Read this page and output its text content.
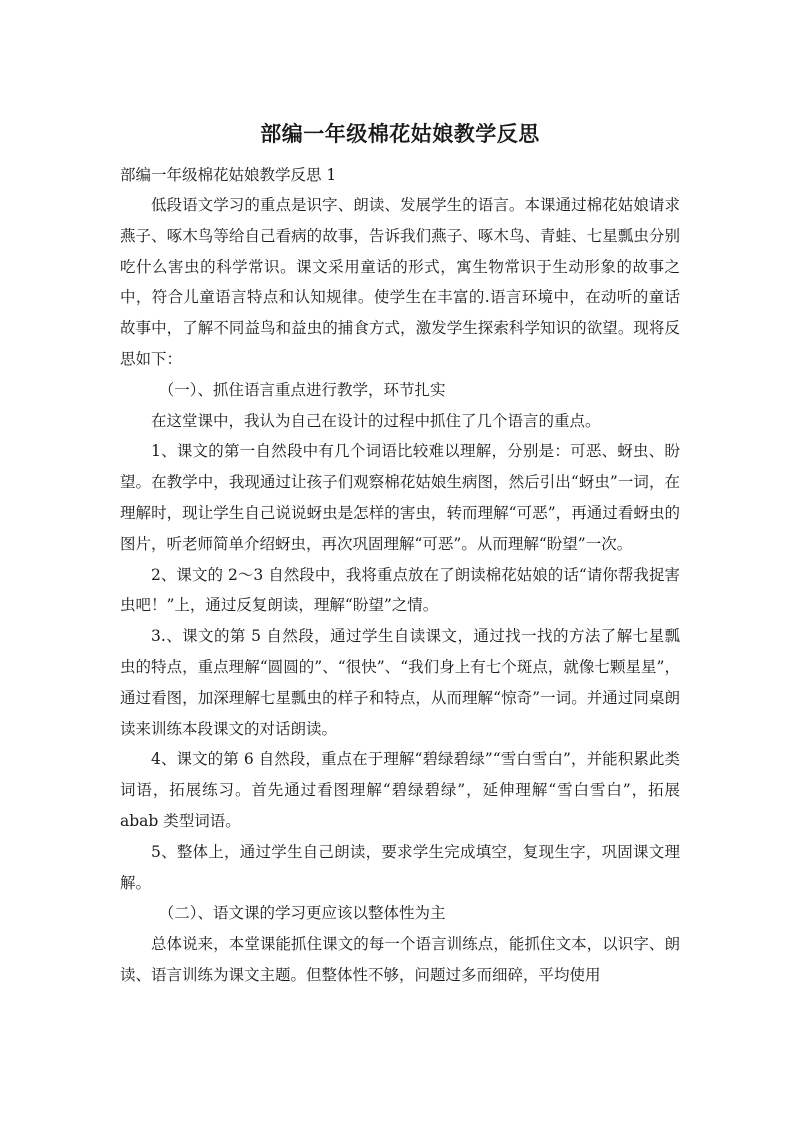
部编一年级棉花姑娘教学反思

部编一年级棉花姑娘教学反思 1

低段语文学习的重点是识字、朗读、发展学生的语言。本课通过棉花姑娘请求燕子、啄木鸟等给自己看病的故事，告诉我们燕子、啄木鸟、青蛙、七星瓢虫分别吃什么害虫的科学常识。课文采用童话的形式，寓生物常识于生动形象的故事之中，符合儿童语言特点和认知规律。使学生在丰富的.语言环境中，在动听的童话故事中，了解不同益鸟和益虫的捕食方式，激发学生探索科学知识的欲望。现将反思如下：

（一）、抓住语言重点进行教学，环节扎实

在这堂课中，我认为自己在设计的过程中抓住了几个语言的重点。

1、课文的第一自然段中有几个词语比较难以理解，分别是：可恶、蚜虫、盼望。在教学中，我现通过让孩子们观察棉花姑娘生病图，然后引出“蚜虫”一词，在理解时，现让学生自己说说蚜虫是怎样的害虫，转而理解“可恶”，再通过看蚜虫的图片，听老师简单介绍蚜虫，再次巩固理解“可恶”。从而理解“盼望”一次。

2、课文的 2～3 自然段中，我将重点放在了朗读棉花姑娘的话“请你帮我捉害虫吧！”上，通过反复朗读，理解“盼望”之情。

3.、课文的第 5 自然段，通过学生自读课文，通过找一找的方法了解七星瓢虫的特点，重点理解“圆圆的”、“很快”、“我们身上有七个斑点，就像七颗星星”，通过看图，加深理解七星瓢虫的样子和特点，从而理解“惊奇”一词。并通过同桌朗读来训练本段课文的对话朗读。

4、课文的第 6 自然段，重点在于理解“碧绿碧绿”“雪白雪白”，并能积累此类词语，拓展练习。首先通过看图理解“碧绿碧绿”，延伸理解“雪白雪白”，拓展 abab 类型词语。

5、整体上，通过学生自己朗读，要求学生完成填空，复现生字，巩固课文理解。

（二）、语文课的学习更应该以整体性为主

总体说来，本堂课能抓住课文的每一个语言训练点，能抓住文本，以识字、朗读、语言训练为课文主题。但整体性不够，问题过多而细碎，平均使用
